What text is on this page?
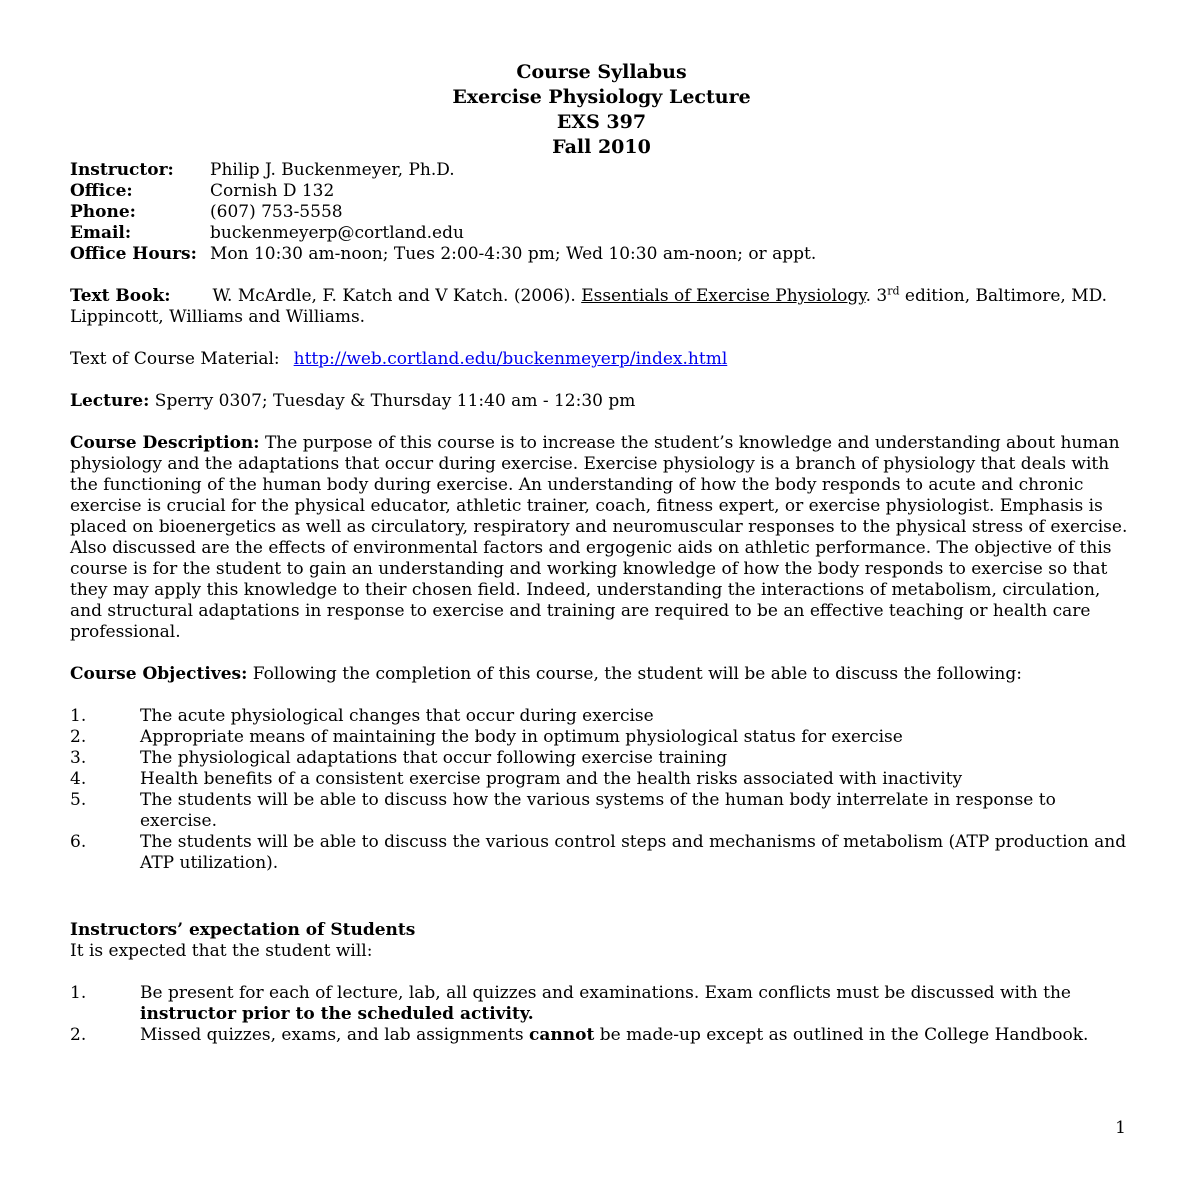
Course Syllabus
Exercise Physiology Lecture
EXS 397
Fall 2010
Instructor:	Philip J. Buckenmeyer, Ph.D.
Office:	Cornish D 132
Phone:	(607) 753-5558
Email:	buckenmeyerp@cortland.edu
Office Hours: Mon 10:30 am-noon; Tues 2:00-4:30 pm; Wed 10:30 am-noon; or appt.
Text Book: W. McArdle, F. Katch and V Katch. (2006). Essentials of Exercise Physiology. 3rd edition, Baltimore, MD. Lippincott, Williams and Williams.
Text of Course Material: http://web.cortland.edu/buckenmeyerp/index.html
Lecture: Sperry 0307; Tuesday & Thursday 11:40 am - 12:30 pm
Course Description: The purpose of this course is to increase the student’s knowledge and understanding about human physiology and the adaptations that occur during exercise. Exercise physiology is a branch of physiology that deals with the functioning of the human body during exercise. An understanding of how the body responds to acute and chronic exercise is crucial for the physical educator, athletic trainer, coach, fitness expert, or exercise physiologist. Emphasis is placed on bioenergetics as well as circulatory, respiratory and neuromuscular responses to the physical stress of exercise. Also discussed are the effects of environmental factors and ergogenic aids on athletic performance. The objective of this course is for the student to gain an understanding and working knowledge of how the body responds to exercise so that they may apply this knowledge to their chosen field. Indeed, understanding the interactions of metabolism, circulation, and structural adaptations in response to exercise and training are required to be an effective teaching or health care professional.
Course Objectives: Following the completion of this course, the student will be able to discuss the following:
1.	The acute physiological changes that occur during exercise
2.	Appropriate means of maintaining the body in optimum physiological status for exercise
3.	The physiological adaptations that occur following exercise training
4.	Health benefits of a consistent exercise program and the health risks associated with inactivity
5.	The students will be able to discuss how the various systems of the human body interrelate in response to exercise.
6.	The students will be able to discuss the various control steps and mechanisms of metabolism (ATP production and ATP utilization).
Instructors’ expectation of Students
It is expected that the student will:
1.	Be present for each of lecture, lab, all quizzes and examinations. Exam conflicts must be discussed with the instructor prior to the scheduled activity.
2.	Missed quizzes, exams, and lab assignments cannot be made-up except as outlined in the College Handbook.
1
